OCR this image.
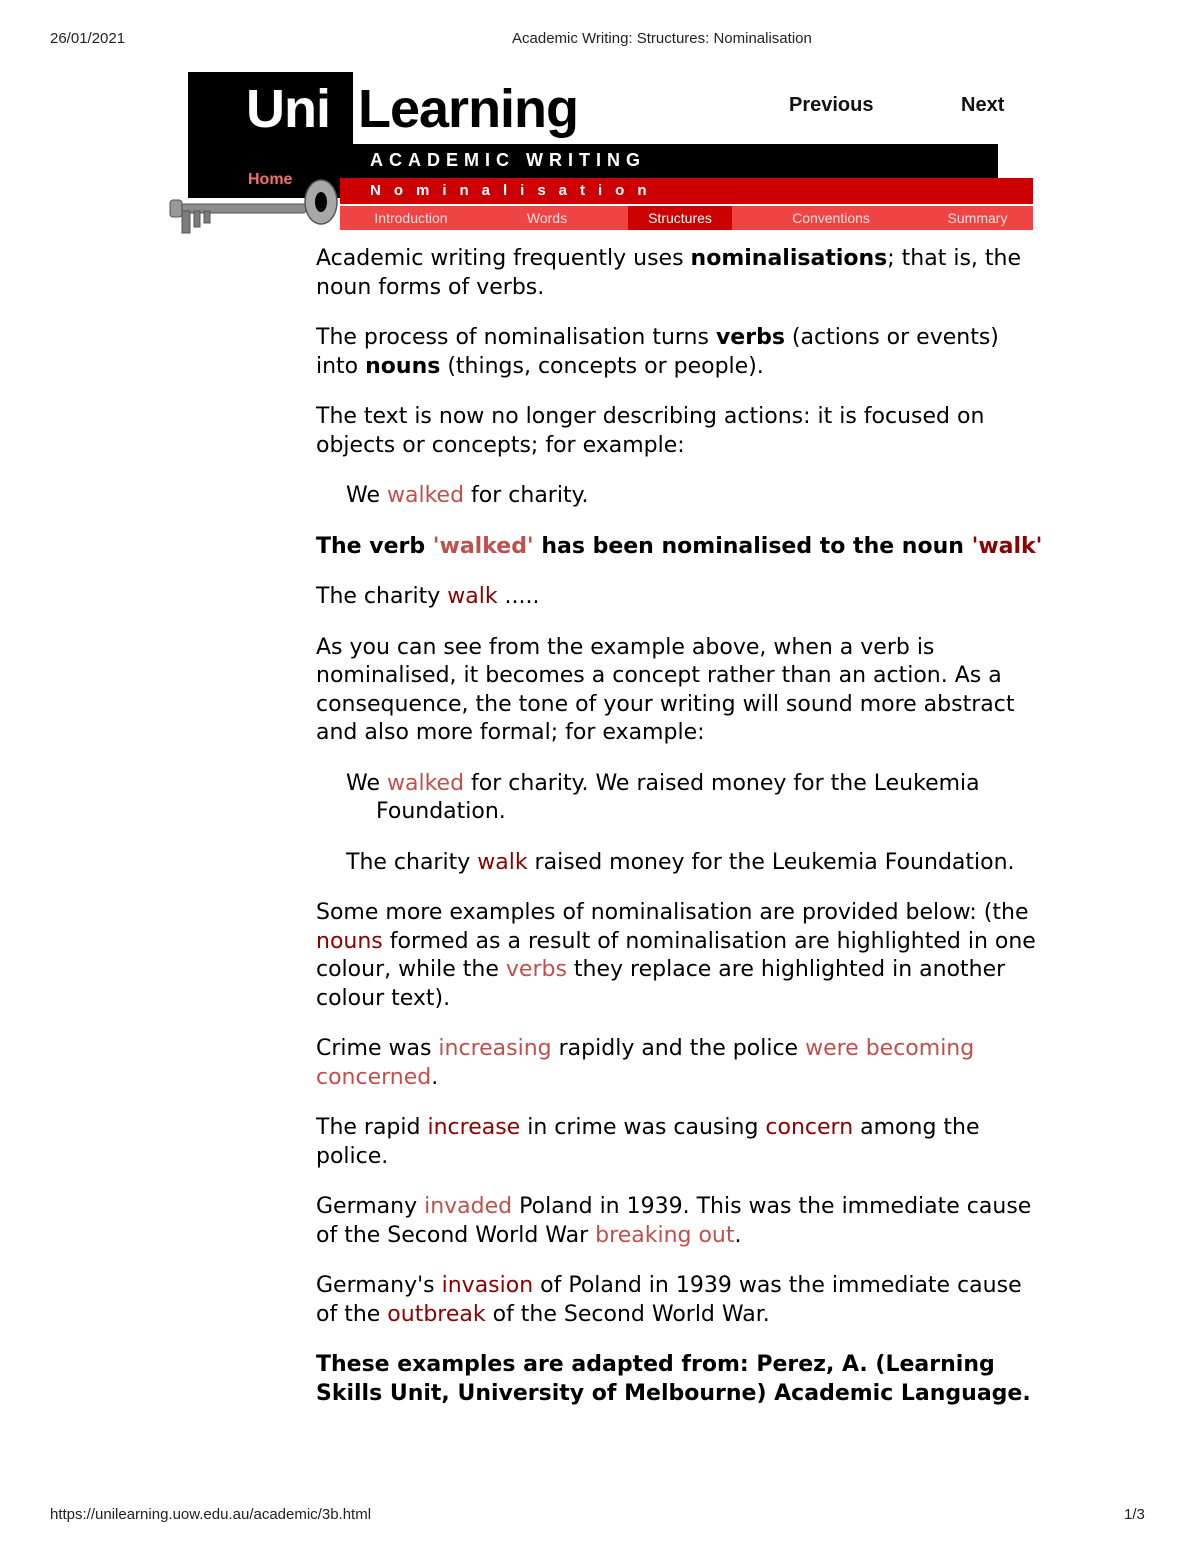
26/01/2021	Academic Writing: Structures: Nominalisation
Uni Learning	Previous	Next
ACADEMIC WRITING
Home
Nominalisation
Introduction	Words	Structures	Conventions	Summary

Academic writing frequently uses nominalisations; that is, the noun forms of verbs.

The process of nominalisation turns verbs (actions or events) into nouns (things, concepts or people).

The text is now no longer describing actions: it is focused on objects or concepts; for example:

We walked for charity.

The verb 'walked' has been nominalised to the noun 'walk'

The charity walk .....

As you can see from the example above, when a verb is nominalised, it becomes a concept rather than an action. As a consequence, the tone of your writing will sound more abstract and also more formal; for example:

We walked for charity. We raised money for the Leukemia Foundation.

The charity walk raised money for the Leukemia Foundation.

Some more examples of nominalisation are provided below: (the nouns formed as a result of nominalisation are highlighted in one colour, while the verbs they replace are highlighted in another colour text).

Crime was increasing rapidly and the police were becoming concerned.

The rapid increase in crime was causing concern among the police.

Germany invaded Poland in 1939. This was the immediate cause of the Second World War breaking out.

Germany's invasion of Poland in 1939 was the immediate cause of the outbreak of the Second World War.

These examples are adapted from: Perez, A. (Learning Skills Unit, University of Melbourne) Academic Language.

https://unilearning.uow.edu.au/academic/3b.html	1/3
